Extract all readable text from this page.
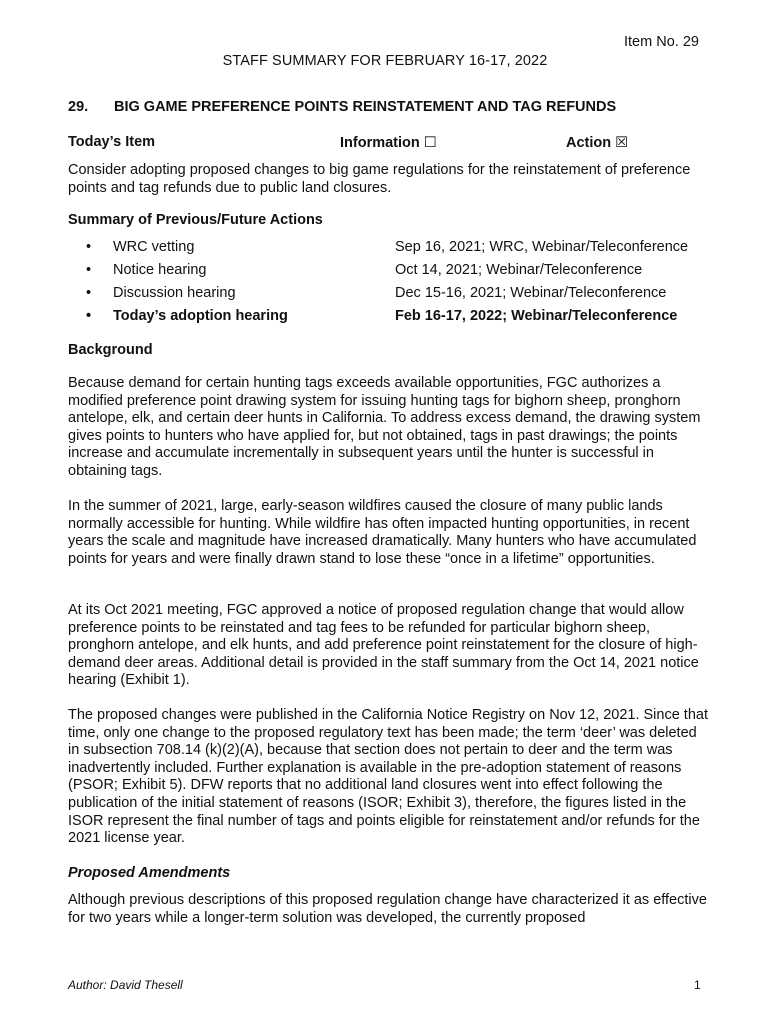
Item No. 29
STAFF SUMMARY FOR FEBRUARY 16-17, 2022
29. BIG GAME PREFERENCE POINTS REINSTATEMENT AND TAG REFUNDS
Today’s Item	Information ☐	Action ☒
Consider adopting proposed changes to big game regulations for the reinstatement of preference points and tag refunds due to public land closures.
Summary of Previous/Future Actions
• WRC vetting	Sep 16, 2021; WRC, Webinar/Teleconference
• Notice hearing	Oct 14, 2021; Webinar/Teleconference
• Discussion hearing	Dec 15-16, 2021; Webinar/Teleconference
• Today’s adoption hearing	Feb 16-17, 2022; Webinar/Teleconference
Background
Because demand for certain hunting tags exceeds available opportunities, FGC authorizes a modified preference point drawing system for issuing hunting tags for bighorn sheep, pronghorn antelope, elk, and certain deer hunts in California. To address excess demand, the drawing system gives points to hunters who have applied for, but not obtained, tags in past drawings; the points increase and accumulate incrementally in subsequent years until the hunter is successful in obtaining tags.
In the summer of 2021, large, early-season wildfires caused the closure of many public lands normally accessible for hunting. While wildfire has often impacted hunting opportunities, in recent years the scale and magnitude have increased dramatically. Many hunters who have accumulated points for years and were finally drawn stand to lose these “once in a lifetime” opportunities.
At its Oct 2021 meeting, FGC approved a notice of proposed regulation change that would allow preference points to be reinstated and tag fees to be refunded for particular bighorn sheep, pronghorn antelope, and elk hunts, and add preference point reinstatement for the closure of high-demand deer areas. Additional detail is provided in the staff summary from the Oct 14, 2021 notice hearing (Exhibit 1).
The proposed changes were published in the California Notice Registry on Nov 12, 2021. Since that time, only one change to the proposed regulatory text has been made; the term ‘deer’ was deleted in subsection 708.14 (k)(2)(A), because that section does not pertain to deer and the term was inadvertently included. Further explanation is available in the pre-adoption statement of reasons (PSOR; Exhibit 5). DFW reports that no additional land closures went into effect following the publication of the initial statement of reasons (ISOR; Exhibit 3), therefore, the figures listed in the ISOR represent the final number of tags and points eligible for reinstatement and/or refunds for the 2021 license year.
Proposed Amendments
Although previous descriptions of this proposed regulation change have characterized it as effective for two years while a longer-term solution was developed, the currently proposed
Author: David Thesell	1
